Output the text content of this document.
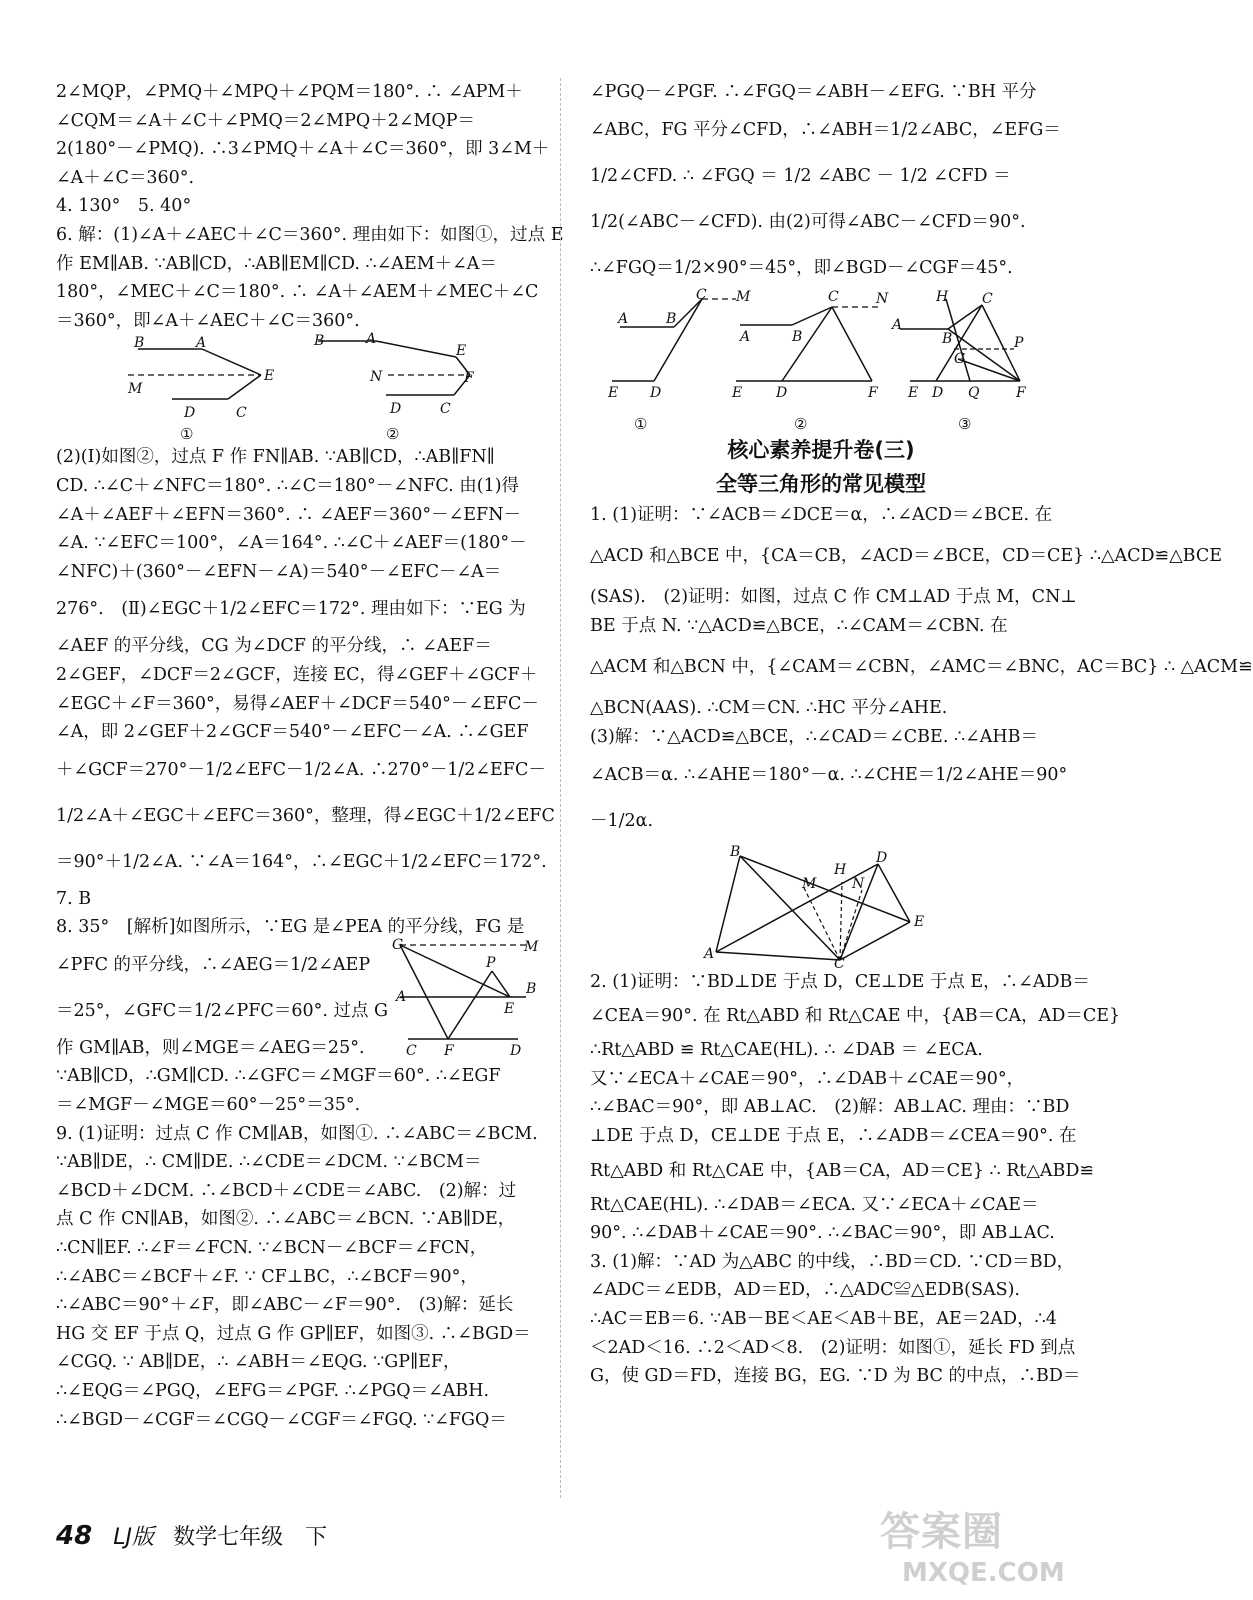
2∠MQP，∠PMQ＋∠MPQ＋∠PQM＝180°. ∴ ∠APM＋
∠CQM＝∠A＋∠C＋∠PMQ＝2∠MPQ＋2∠MQP＝
2(180°－∠PMQ). ∴3∠PMQ＋∠A＋∠C＝360°，即 3∠M＋
∠A＋∠C＝360°.
4. 130°　5. 40°
6. 解：(1)∠A＋∠AEC＋∠C＝360°. 理由如下：如图①，过点 E
作 EM∥AB. ∵AB∥CD，∴AB∥EM∥CD. ∴∠AEM＋∠A＝
180°，∠MEC＋∠C＝180°. ∴ ∠A＋∠AEM＋∠MEC＋∠C
＝360°，即∠A＋∠AEC＋∠C＝360°.
B	A
M
E
D	C
①
B	A
E
N	F
D	C
②
(2)(Ⅰ)如图②，过点 F 作 FN∥AB. ∵AB∥CD，∴AB∥FN∥
CD. ∴∠C＋∠NFC＝180°. ∴∠C＝180°－∠NFC. 由(1)得
∠A＋∠AEF＋∠EFN＝360°. ∴ ∠AEF＝360°－∠EFN－
∠A. ∵∠EFC＝100°，∠A＝164°. ∴∠C＋∠AEF＝(180°－
∠NFC)＋(360°－∠EFN－∠A)＝540°－∠EFC－∠A＝
276°.　(Ⅱ)∠EGC＋1/2∠EFC＝172°. 理由如下：∵EG 为
∠AEF 的平分线，CG 为∠DCF 的平分线，∴ ∠AEF＝
2∠GEF，∠DCF＝2∠GCF，连接 EC，得∠GEF＋∠GCF＋
∠EGC＋∠F＝360°，易得∠AEF＋∠DCF＝540°－∠EFC－
∠A，即 2∠GEF＋2∠GCF＝540°－∠EFC－∠A. ∴∠GEF
＋∠GCF＝270°－1/2∠EFC－1/2∠A. ∴270°－1/2∠EFC－
1/2∠A＋∠EGC＋∠EFC＝360°，整理，得∠EGC＋1/2∠EFC
＝90°＋1/2∠A. ∵∠A＝164°，∴∠EGC＋1/2∠EFC＝172°.
7. B
8. 35°　[解析]如图所示，∵EG 是∠PEA 的平分线，FG 是
∠PFC 的平分线，∴∠AEG＝1/2∠AEP
＝25°，∠GFC＝1/2∠PFC＝60°. 过点 G
作 GM∥AB，则∠MGE＝∠AEG＝25°.
G	M
P
A	B
E
C F	D
∵AB∥CD，∴GM∥CD. ∴∠GFC＝∠MGF＝60°. ∴∠EGF
＝∠MGF－∠MGE＝60°－25°＝35°.
9. (1)证明：过点 C 作 CM∥AB，如图①. ∴∠ABC＝∠BCM.
∵AB∥DE，∴ CM∥DE. ∴∠CDE＝∠DCM. ∵∠BCM＝
∠BCD＋∠DCM. ∴∠BCD＋∠CDE＝∠ABC.　(2)解：过
点 C 作 CN∥AB，如图②. ∴∠ABC＝∠BCN. ∵AB∥DE，
∴CN∥EF. ∴∠F＝∠FCN. ∵∠BCN－∠BCF＝∠FCN，
∴∠ABC＝∠BCF＋∠F. ∵ CF⊥BC，∴∠BCF＝90°，
∴∠ABC＝90°＋∠F，即∠ABC－∠F＝90°.　(3)解：延长
HG 交 EF 于点 Q，过点 G 作 GP∥EF，如图③. ∴∠BGD＝
∠CGQ. ∵ AB∥DE，∴ ∠ABH＝∠EQG. ∵GP∥EF，
∴∠EQG＝∠PGQ，∠EFG＝∠PGF. ∴∠PGQ＝∠ABH.
∴∠BGD－∠CGF＝∠CGQ－∠CGF＝∠FGQ. ∵∠FGQ＝
∠PGQ－∠PGF. ∴∠FGQ＝∠ABH－∠EFG. ∵BH 平分
∠ABC，FG 平分∠CFD，∴∠ABH＝1/2∠ABC，∠EFG＝
1/2∠CFD. ∴ ∠FGQ ＝ 1/2 ∠ABC － 1/2 ∠CFD ＝
1/2(∠ABC－∠CFD). 由(2)可得∠ABC－∠CFD＝90°.
∴∠FGQ＝1/2×90°＝45°，即∠BGD－∠CGF＝45°.
A	B
C M
E D
①
C	N
A	B
E D	F
②
H C
A
B	P
G
E D Q	F
③
核心素养提升卷(三)
全等三角形的常见模型
1. (1)证明：∵∠ACB＝∠DCE＝α，∴∠ACD＝∠BCE. 在
△ACD 和△BCE 中，{CA＝CB，∠ACD＝∠BCE，CD＝CE} ∴△ACD≌△BCE
(SAS).　(2)证明：如图，过点 C 作 CM⊥AD 于点 M，CN⊥
BE 于点 N. ∵△ACD≌△BCE，∴∠CAM＝∠CBN. 在
△ACM 和△BCN 中，{∠CAM＝∠CBN，∠AMC＝∠BNC，AC＝BC} ∴ △ACM≌
△BCN(AAS). ∴CM＝CN. ∴HC 平分∠AHE.
(3)解：∵△ACD≌△BCE，∴∠CAD＝∠CBE. ∴∠AHB＝
∠ACB＝α. ∴∠AHE＝180°－α. ∴∠CHE＝1/2∠AHE＝90°
－1/2α.
B
H
D
M	N
E
A
C
2. (1)证明：∵BD⊥DE 于点 D，CE⊥DE 于点 E，∴∠ADB＝
∠CEA＝90°. 在 Rt△ABD 和 Rt△CAE 中，{AB＝CA，AD＝CE}
∴Rt△ABD ≌ Rt△CAE(HL). ∴ ∠DAB ＝ ∠ECA.
又∵∠ECA＋∠CAE＝90°，∴∠DAB＋∠CAE＝90°，
∴∠BAC＝90°，即 AB⊥AC.　(2)解：AB⊥AC. 理由：∵BD
⊥DE 于点 D，CE⊥DE 于点 E，∴∠ADB＝∠CEA＝90°. 在
Rt△ABD 和 Rt△CAE 中，{AB＝CA，AD＝CE} ∴ Rt△ABD≌
Rt△CAE(HL). ∴∠DAB＝∠ECA. 又∵∠ECA＋∠CAE＝
90°. ∴∠DAB＋∠CAE＝90°. ∴∠BAC＝90°，即 AB⊥AC.
3. (1)解：∵AD 为△ABC 的中线，∴BD＝CD. ∵CD＝BD，
∠ADC＝∠EDB，AD＝ED，∴△ADC≌△EDB(SAS).
∴AC＝EB＝6. ∵AB－BE＜AE＜AB＋BE，AE＝2AD，∴4
＜2AD＜16. ∴2＜AD＜8.　(2)证明：如图①，延长 FD 到点
G，使 GD＝FD，连接 BG，EG. ∵D 为 BC 的中点，∴BD＝
48 LJ版 数学七年级　下	答案圈
MXQE.COM
